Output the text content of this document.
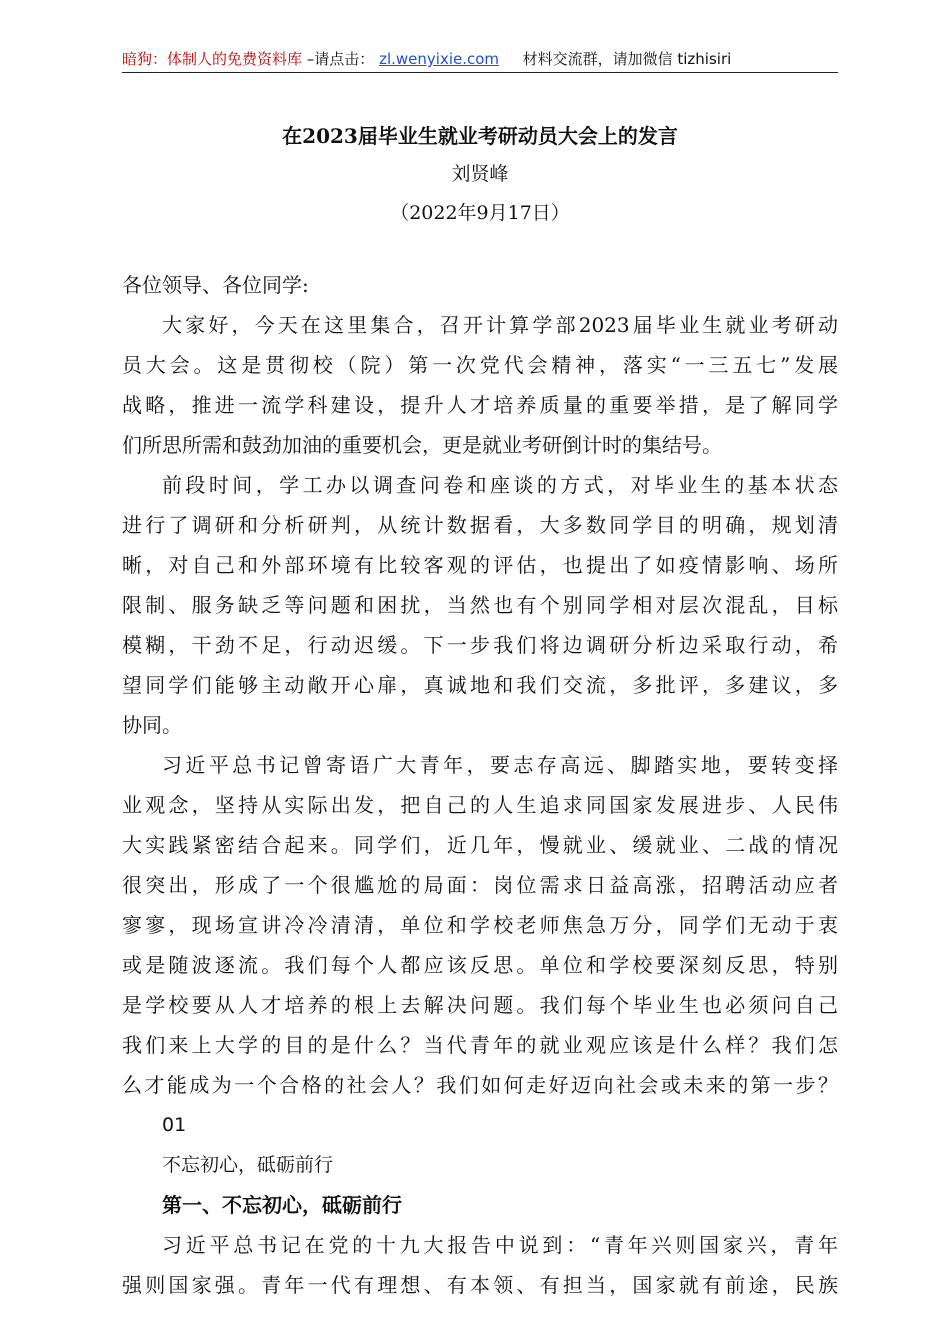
暗狗：体制人的免费资料库 –请点击： zl.wenyixie.com 材料交流群，请加微信 tizhisiri
在2023届毕业生就业考研动员大会上的发言
刘贤峰
（2022年9月17日）
各位领导、各位同学:
大家好，今天在这里集合，召开计算学部2023届毕业生就业考研动
员大会。这是贯彻校（院）第一次党代会精神，落实“一三五七”发展
战略，推进一流学科建设，提升人才培养质量的重要举措，是了解同学
们所思所需和鼓劲加油的重要机会，更是就业考研倒计时的集结号。
前段时间，学工办以调查问卷和座谈的方式，对毕业生的基本状态
进行了调研和分析研判，从统计数据看，大多数同学目的明确，规划清
晰，对自己和外部环境有比较客观的评估，也提出了如疫情影响、场所
限制、服务缺乏等问题和困扰，当然也有个别同学相对层次混乱，目标
模糊，干劲不足，行动迟缓。下一步我们将边调研分析边采取行动，希
望同学们能够主动敞开心扉，真诚地和我们交流，多批评，多建议，多
协同。
习近平总书记曾寄语广大青年，要志存高远、脚踏实地，要转变择
业观念，坚持从实际出发，把自己的人生追求同国家发展进步、人民伟
大实践紧密结合起来。同学们，近几年，慢就业、缓就业、二战的情况
很突出，形成了一个很尴尬的局面：岗位需求日益高涨，招聘活动应者
寥寥，现场宣讲冷冷清清，单位和学校老师焦急万分，同学们无动于衷
或是随波逐流。我们每个人都应该反思。单位和学校要深刻反思，特别
是学校要从人才培养的根上去解决问题。我们每个毕业生也必须问自己
我们来上大学的目的是什么？当代青年的就业观应该是什么样？我们怎
么才能成为一个合格的社会人？我们如何走好迈向社会或未来的第一步？
01
不忘初心，砥砺前行
第一、不忘初心，砥砺前行
习近平总书记在党的十九大报告中说到：“青年兴则国家兴，青年
强则国家强。青年一代有理想、有本领、有担当，国家就有前途，民族
